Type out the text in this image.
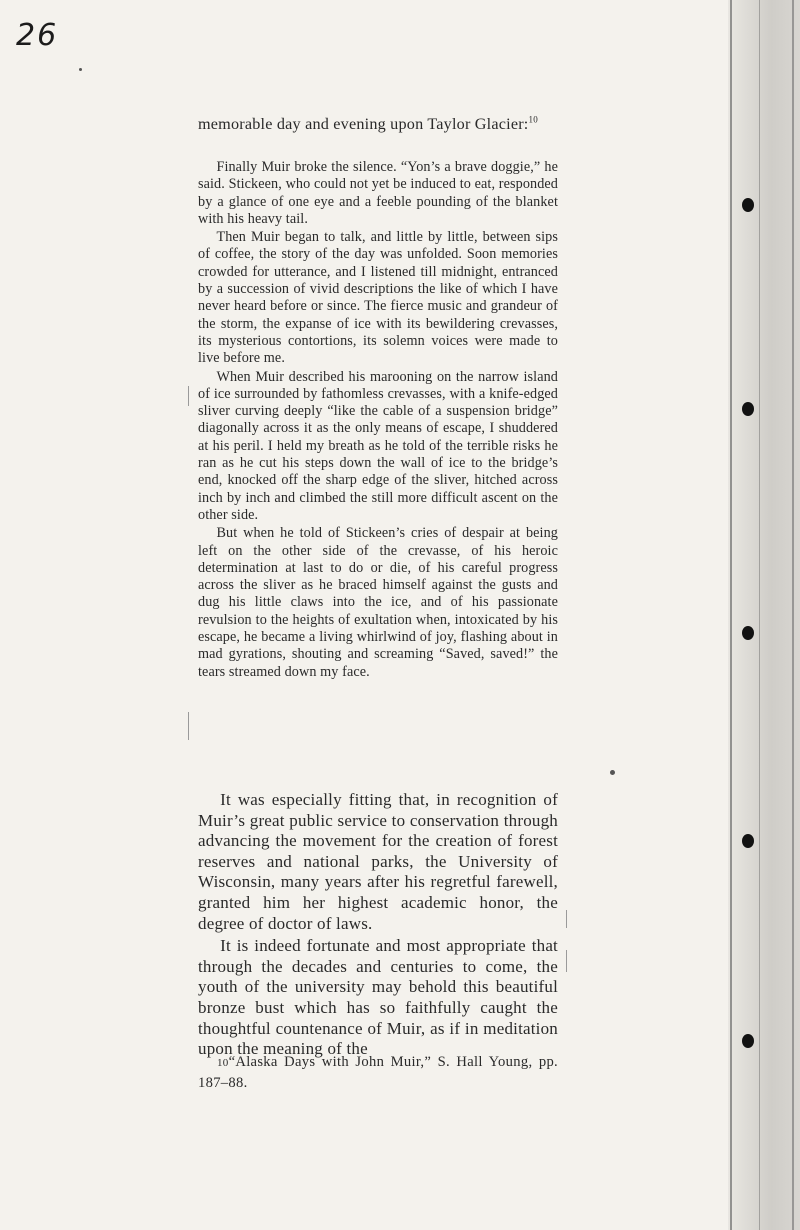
26

memorable day and evening upon Taylor Glacier:$^{10}$

Finally Muir broke the silence. “Yon’s a brave doggie,” he said. Stickeen, who could not yet be induced to eat, responded by a glance of one eye and a feeble pounding of the blanket with his heavy tail.

Then Muir began to talk, and little by little, between sips of coffee, the story of the day was unfolded. Soon memories crowded for utterance, and I listened till midnight, entranced by a succession of vivid descriptions the like of which I have never heard before or since. The fierce music and grandeur of the storm, the expanse of ice with its bewildering crevasses, its mysterious contortions, its solemn voices were made to live before me.

When Muir described his marooning on the narrow island of ice surrounded by fathomless crevasses, with a knife-edged sliver curving deeply “like the cable of a suspension bridge” diagonally across it as the only means of escape, I shuddered at his peril. I held my breath as he told of the terrible risks he ran as he cut his steps down the wall of ice to the bridge’s end, knocked off the sharp edge of the sliver, hitched across inch by inch and climbed the still more difficult ascent on the other side.

But when he told of Stickeen’s cries of despair at being left on the other side of the crevasse, of his heroic determination at last to do or die, of his careful progress across the sliver as he braced himself against the gusts and dug his little claws into the ice, and of his passionate revulsion to the heights of exultation when, intoxicated by his escape, he became a living whirlwind of joy, flashing about in mad gyrations, shouting and screaming “Saved, saved!” the tears streamed down my face.

It was especially fitting that, in recognition of Muir’s great public service to conservation through advancing the movement for the creation of forest reserves and national parks, the University of Wisconsin, many years after his regretful farewell, granted him her highest academic honor, the degree of doctor of laws.

It is indeed fortunate and most appropriate that through the decades and centuries to come, the youth of the university may behold this beautiful bronze bust which has so faithfully caught the thoughtful countenance of Muir, as if in meditation upon the meaning of the

10“Alaska Days with John Muir,” S. Hall Young, pp. 187–88.
